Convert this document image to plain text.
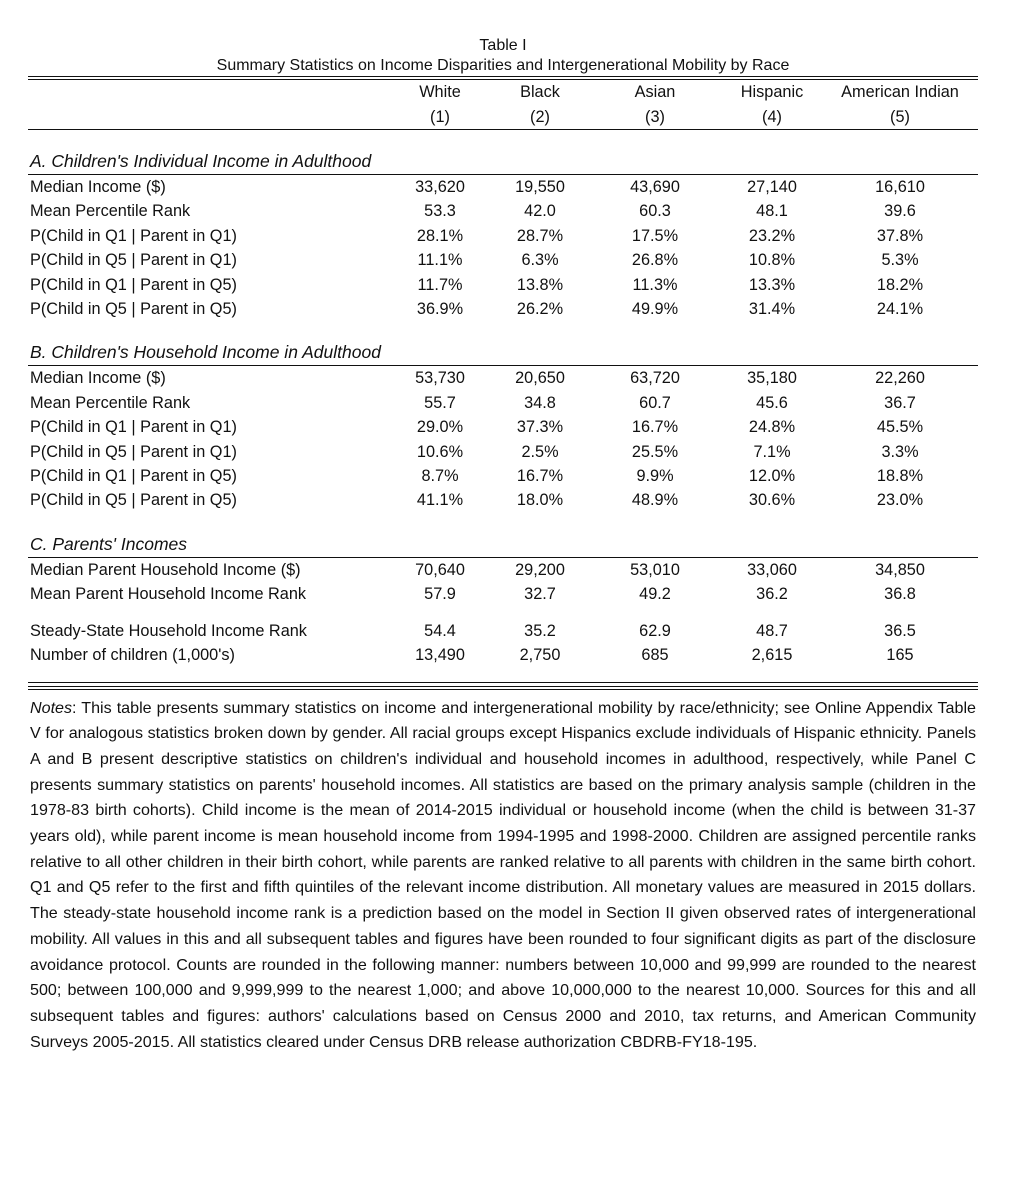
Table I
Summary Statistics on Income Disparities and Intergenerational Mobility by Race
	White	Black	Asian	Hispanic	American Indian
	(1)	(2)	(3)	(4)	(5)

A. Children's Individual Income in Adulthood					
Median Income ($)	33,620	19,550	43,690	27,140	16,610
Mean Percentile Rank	53.3	42.0	60.3	48.1	39.6
P(Child in Q1 | Parent in Q1)	28.1%	28.7%	17.5%	23.2%	37.8%
P(Child in Q5 | Parent in Q1)	11.1%	6.3%	26.8%	10.8%	5.3%
P(Child in Q1 | Parent in Q5)	11.7%	13.8%	11.3%	13.3%	18.2%
P(Child in Q5 | Parent in Q5)	36.9%	26.2%	49.9%	31.4%	24.1%

B. Children's Household Income in Adulthood					
Median Income ($)	53,730	20,650	63,720	35,180	22,260
Mean Percentile Rank	55.7	34.8	60.7	45.6	36.7
P(Child in Q1 | Parent in Q1)	29.0%	37.3%	16.7%	24.8%	45.5%
P(Child in Q5 | Parent in Q1)	10.6%	2.5%	25.5%	7.1%	3.3%
P(Child in Q1 | Parent in Q5)	8.7%	16.7%	9.9%	12.0%	18.8%
P(Child in Q5 | Parent in Q5)	41.1%	18.0%	48.9%	30.6%	23.0%

C. Parents' Incomes					
Median Parent Household Income ($)	70,640	29,200	53,010	33,060	34,850
Mean Parent Household Income Rank	57.9	32.7	49.2	36.2	36.8

Steady-State Household Income Rank	54.4	35.2	62.9	48.7	36.5
Number of children (1,000's)	13,490	2,750	685	2,615	165
Notes: This table presents summary statistics on income and intergenerational mobility by race/ethnicity; see Online Appendix Table V for analogous statistics broken down by gender. All racial groups except Hispanics exclude individuals of Hispanic ethnicity. Panels A and B present descriptive statistics on children's individual and household incomes in adulthood, respectively, while Panel C presents summary statistics on parents' household incomes. All statistics are based on the primary analysis sample (children in the 1978-83 birth cohorts). Child income is the mean of 2014-2015 individual or household income (when the child is between 31-37 years old), while parent income is mean household income from 1994-1995 and 1998-2000. Children are assigned percentile ranks relative to all other children in their birth cohort, while parents are ranked relative to all parents with children in the same birth cohort. Q1 and Q5 refer to the first and fifth quintiles of the relevant income distribution. All monetary values are measured in 2015 dollars. The steady-state household income rank is a prediction based on the model in Section II given observed rates of intergenerational mobility. All values in this and all subsequent tables and figures have been rounded to four significant digits as part of the disclosure avoidance protocol. Counts are rounded in the following manner: numbers between 10,000 and 99,999 are rounded to the nearest 500; between 100,000 and 9,999,999 to the nearest 1,000; and above 10,000,000 to the nearest 10,000. Sources for this and all subsequent tables and figures: authors' calculations based on Census 2000 and 2010, tax returns, and American Community Surveys 2005-2015. All statistics cleared under Census DRB release authorization CBDRB-FY18-195.
